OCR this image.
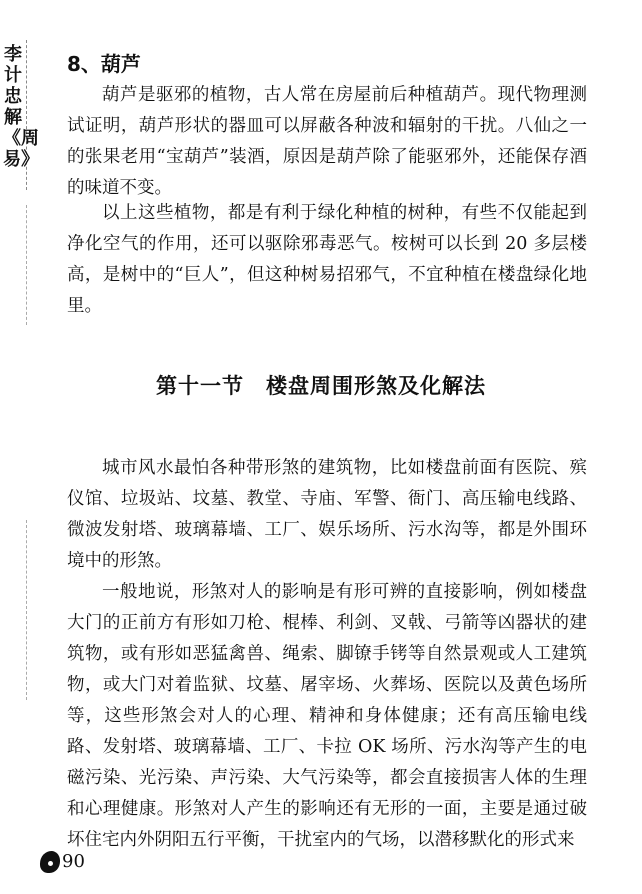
李计忠解《周易》
8、葫芦

葫芦是驱邪的植物，古人常在房屋前后种植葫芦。现代物理测试证明，葫芦形状的器皿可以屏蔽各种波和辐射的干扰。八仙之一的张果老用“宝葫芦”装酒，原因是葫芦除了能驱邪外，还能保存酒的味道不变。

以上这些植物，都是有利于绿化种植的树种，有些不仅能起到净化空气的作用，还可以驱除邪毒恶气。桉树可以长到 20 多层楼高，是树中的“巨人”，但这种树易招邪气，不宜种植在楼盘绿化地里。

第十一节 楼盘周围形煞及化解法

城市风水最怕各种带形煞的建筑物，比如楼盘前面有医院、殡仪馆、垃圾站、坟墓、教堂、寺庙、军警、衙门、高压输电线路、微波发射塔、玻璃幕墙、工厂、娱乐场所、污水沟等，都是外围环境中的形煞。

一般地说，形煞对人的影响是有形可辨的直接影响，例如楼盘大门的正前方有形如刀枪、棍棒、利剑、叉戟、弓箭等凶器状的建筑物，或有形如恶猛禽兽、绳索、脚镣手铐等自然景观或人工建筑物，或大门对着监狱、坟墓、屠宰场、火葬场、医院以及黄色场所等，这些形煞会对人的心理、精神和身体健康；还有高压输电线路、发射塔、玻璃幕墙、工厂、卡拉 OK 场所、污水沟等产生的电磁污染、光污染、声污染、大气污染等，都会直接损害人体的生理和心理健康。形煞对人产生的影响还有无形的一面，主要是通过破坏住宅内外阴阳五行平衡，干扰室内的气场，以潜移默化的形式来

90
